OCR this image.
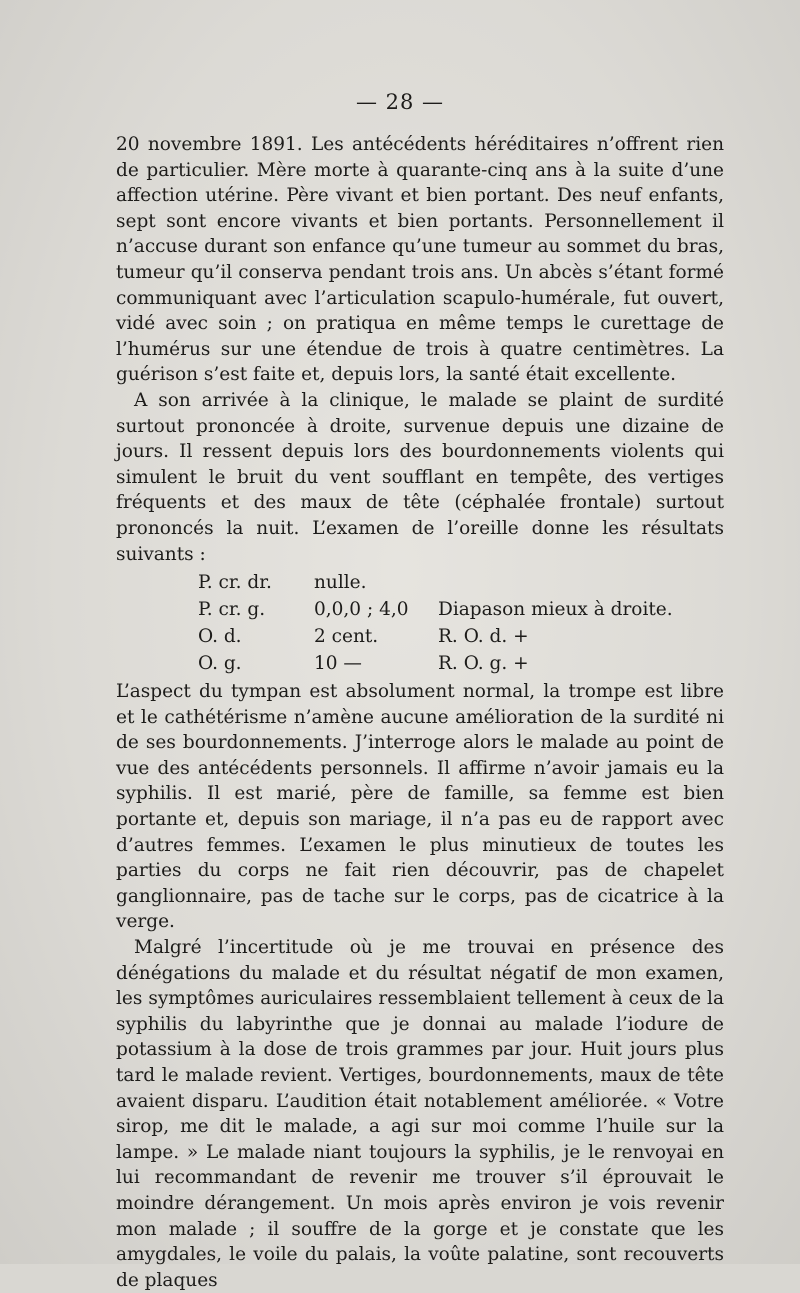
— 28 —

20 novembre 1891. Les antécédents héréditaires n’offrent rien de particulier. Mère morte à quarante-cinq ans à la suite d’une affection utérine. Père vivant et bien portant. Des neuf enfants, sept sont encore vivants et bien portants. Personnellement il n’accuse durant son enfance qu’une tumeur au sommet du bras, tumeur qu’il conserva pendant trois ans. Un abcès s’étant formé communiquant avec l’articulation scapulo-humérale, fut ouvert, vidé avec soin ; on pratiqua en même temps le curettage de l’humérus sur une étendue de trois à quatre centimètres. La guérison s’est faite et, depuis lors, la santé était excellente.

A son arrivée à la clinique, le malade se plaint de surdité surtout prononcée à droite, survenue depuis une dizaine de jours. Il ressent depuis lors des bourdonnements violents qui simulent le bruit du vent soufflant en tempête, des vertiges fréquents et des maux de tête (céphalée frontale) surtout prononcés la nuit. L’examen de l’oreille donne les résultats suivants :

P. cr. dr.	nulle.	
P. cr. g.	0,0,0 ; 4,0	Diapason mieux à droite.
O. d.	2 cent.	R. O. d. +
O. g.	10 —	R. O. g. +

L’aspect du tympan est absolument normal, la trompe est libre et le cathétérisme n’amène aucune amélioration de la surdité ni de ses bourdonnements. J’interroge alors le malade au point de vue des antécédents personnels. Il affirme n’avoir jamais eu la syphilis. Il est marié, père de famille, sa femme est bien portante et, depuis son mariage, il n’a pas eu de rapport avec d’autres femmes. L’examen le plus minutieux de toutes les parties du corps ne fait rien découvrir, pas de chapelet ganglionnaire, pas de tache sur le corps, pas de cicatrice à la verge.

Malgré l’incertitude où je me trouvai en présence des dénégations du malade et du résultat négatif de mon examen, les symptômes auriculaires ressemblaient tellement à ceux de la syphilis du labyrinthe que je donnai au malade l’iodure de potassium à la dose de trois grammes par jour. Huit jours plus tard le malade revient. Vertiges, bourdonnements, maux de tête avaient disparu. L’audition était notablement améliorée. « Votre sirop, me dit le malade, a agi sur moi comme l’huile sur la lampe. » Le malade niant toujours la syphilis, je le renvoyai en lui recommandant de revenir me trouver s’il éprouvait le moindre dérangement. Un mois après environ je vois revenir mon malade ; il souffre de la gorge et je constate que les amygdales, le voile du palais, la voûte palatine, sont recouverts de plaques
